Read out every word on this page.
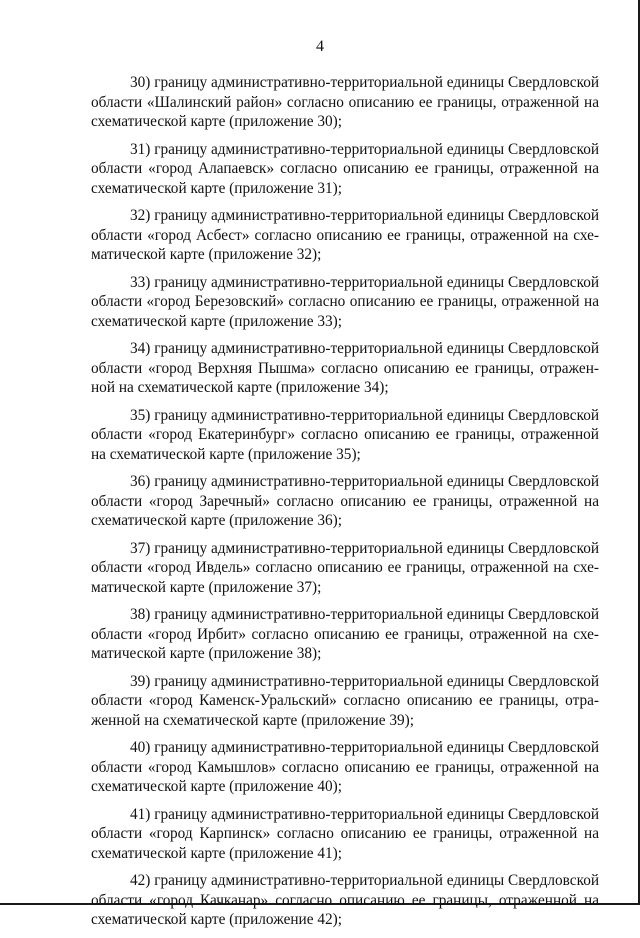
4
30) границу административно-территориальной единицы Свердловской
области «Шалинский район» согласно описанию ее границы, отраженной на
схематической карте (приложение 30);
31) границу административно-территориальной единицы Свердловской
области «город Алапаевск» согласно описанию ее границы, отраженной на
схематической карте (приложение 31);
32) границу административно-территориальной единицы Свердловской
области «город Асбест» согласно описанию ее границы, отраженной на схе-
матической карте (приложение 32);
33) границу административно-территориальной единицы Свердловской
области «город Березовский» согласно описанию ее границы, отраженной на
схематической карте (приложение 33);
34) границу административно-территориальной единицы Свердловской
области «город Верхняя Пышма» согласно описанию ее границы, отражен-
ной на схематической карте (приложение 34);
35) границу административно-территориальной единицы Свердловской
области «город Екатеринбург» согласно описанию ее границы, отраженной
на схематической карте (приложение 35);
36) границу административно-территориальной единицы Свердловской
области «город Заречный» согласно описанию ее границы, отраженной на
схематической карте (приложение 36);
37) границу административно-территориальной единицы Свердловской
области «город Ивдель» согласно описанию ее границы, отраженной на схе-
матической карте (приложение 37);
38) границу административно-территориальной единицы Свердловской
области «город Ирбит» согласно описанию ее границы, отраженной на схе-
матической карте (приложение 38);
39) границу административно-территориальной единицы Свердловской
области «город Каменск-Уральский» согласно описанию ее границы, отра-
женной на схематической карте (приложение 39);
40) границу административно-территориальной единицы Свердловской
области «город Камышлов» согласно описанию ее границы, отраженной на
схематической карте (приложение 40);
41) границу административно-территориальной единицы Свердловской
области «город Карпинск» согласно описанию ее границы, отраженной на
схематической карте (приложение 41);
42) границу административно-территориальной единицы Свердловской
области «город Качканар» согласно описанию ее границы, отраженной на
схематической карте (приложение 42);
